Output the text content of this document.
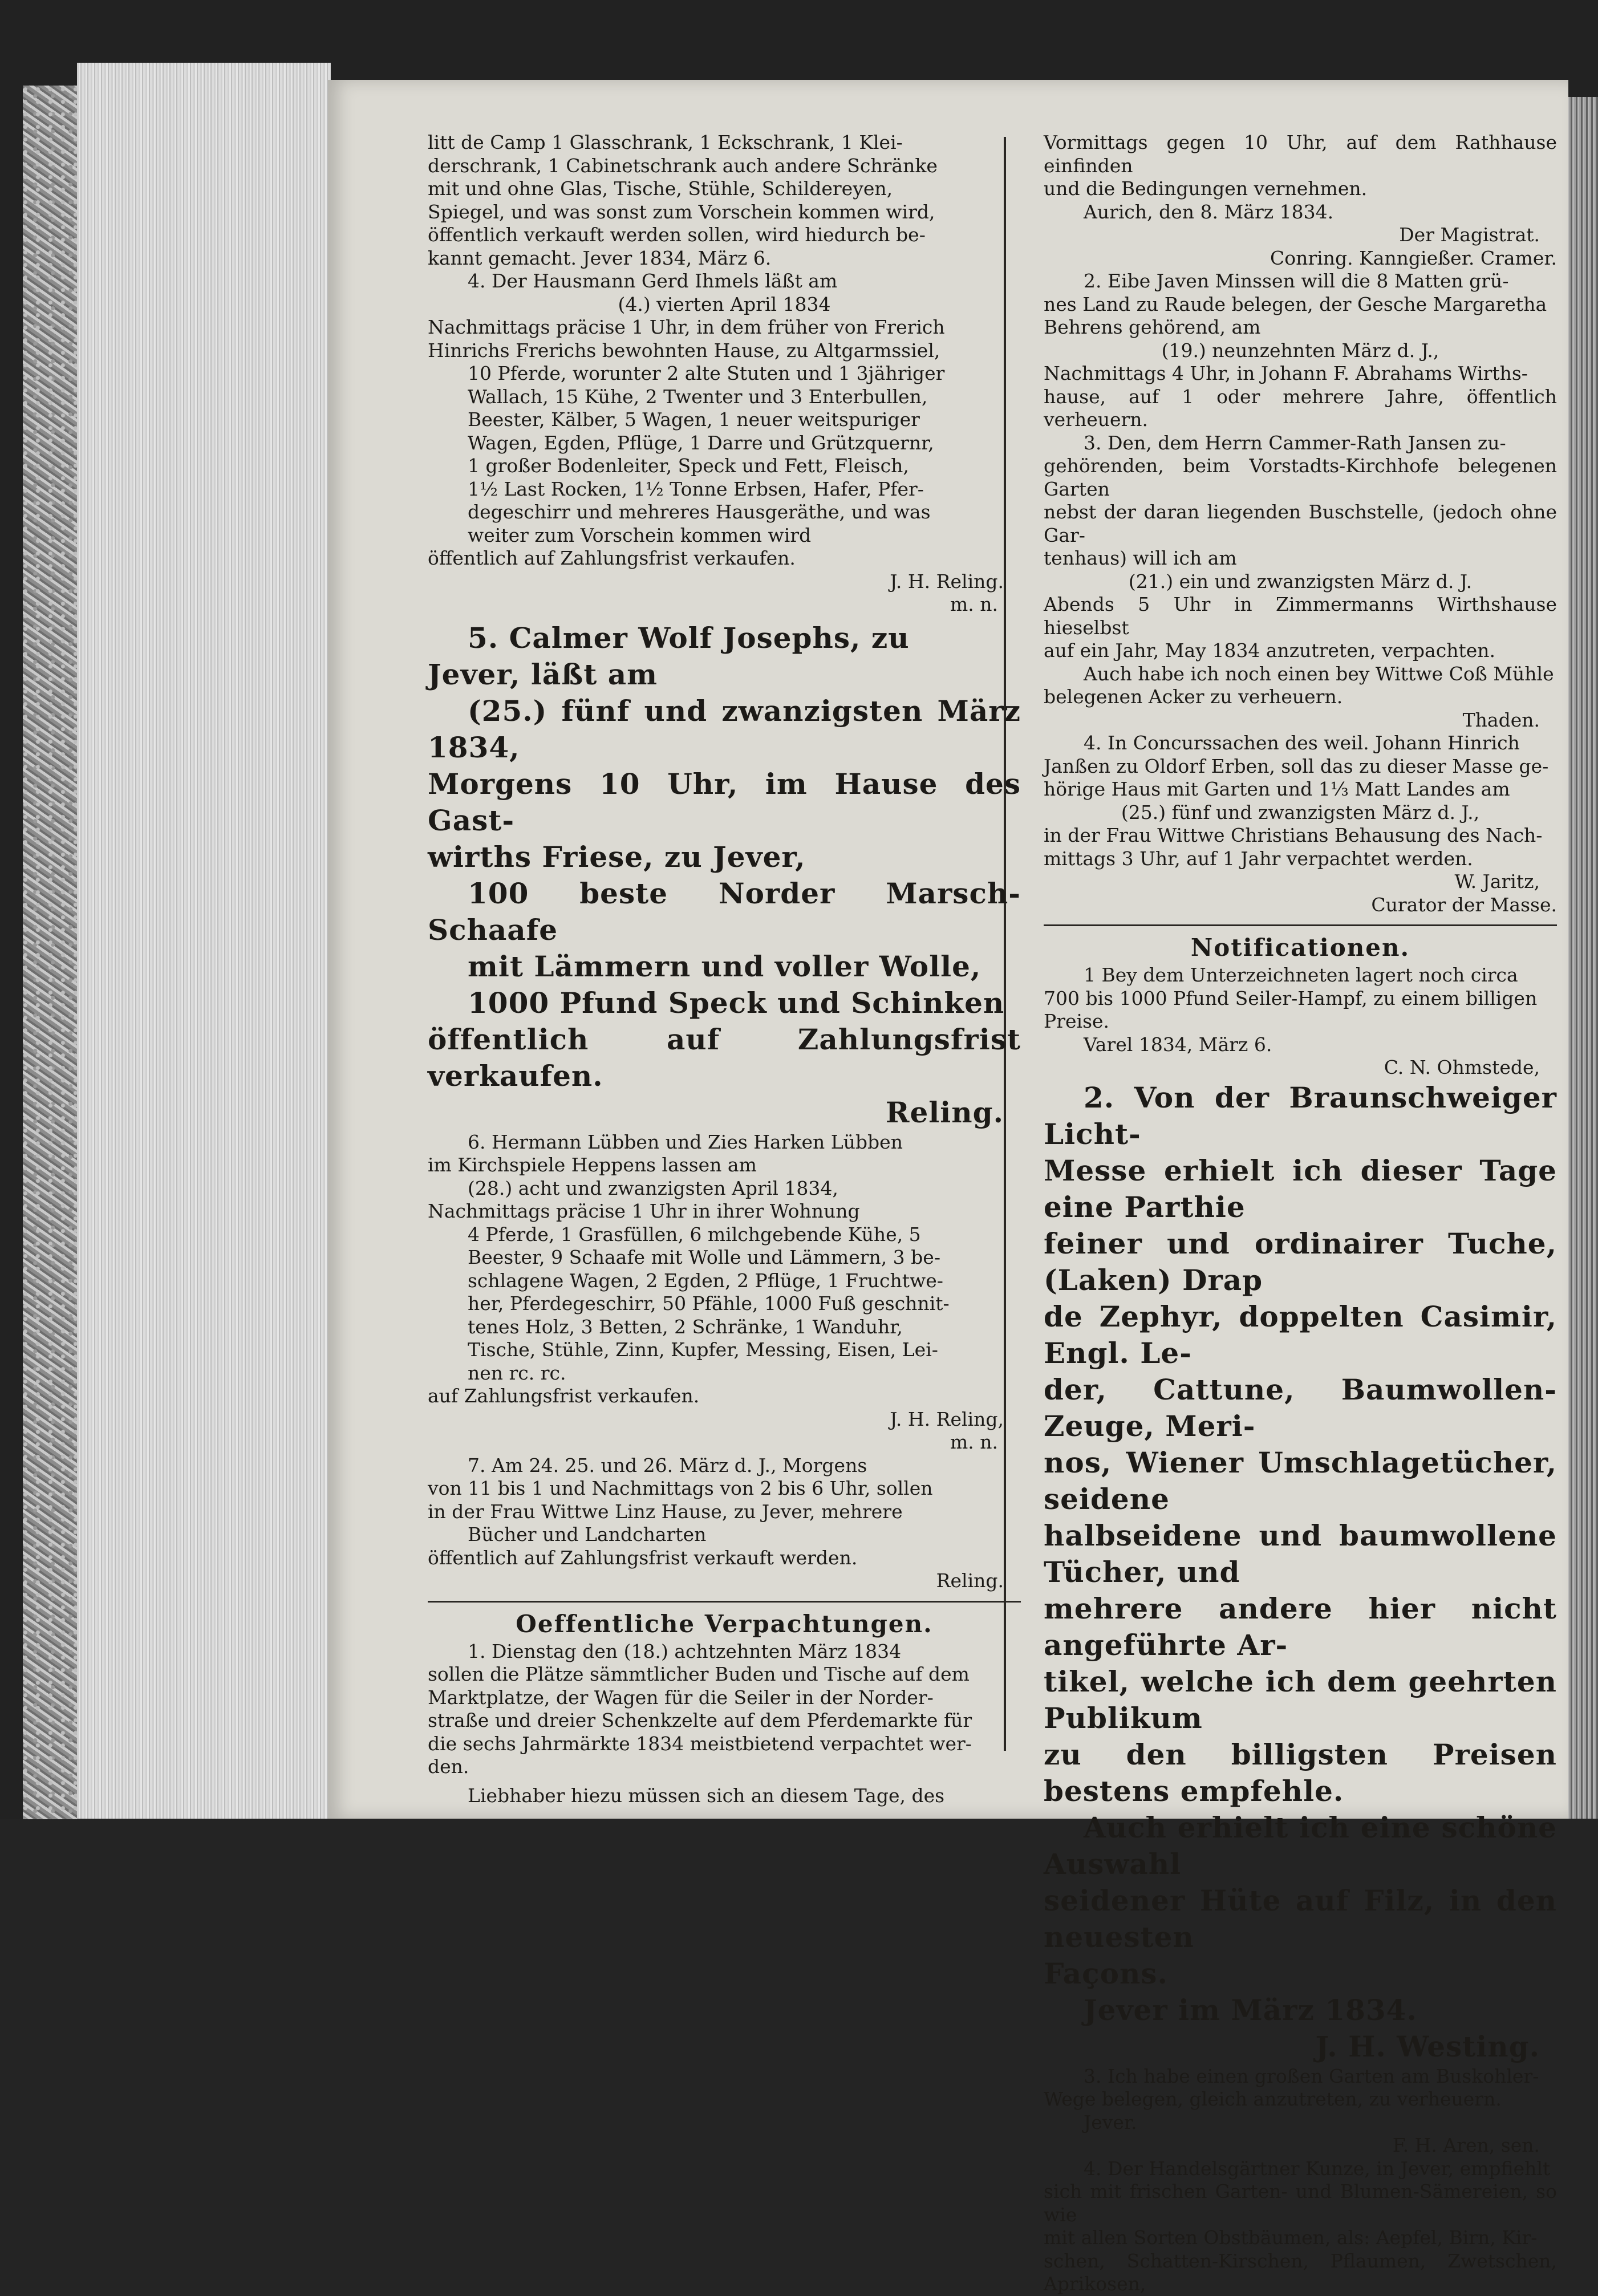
litt de Camp 1 Glasschrank, 1 Eckschrank, 1 Klei-

derschrank, 1 Cabinetschrank auch andere Schränke

mit und ohne Glas, Tische, Stühle, Schildereyen,

Spiegel, und was sonst zum Vorschein kommen wird,

öffentlich verkauft werden sollen, wird hiedurch be-

kannt gemacht. Jever 1834, März 6.

4. Der Hausmann Gerd Ihmels läßt am

(4.) vierten April 1834

Nachmittags präcise 1 Uhr, in dem früher von Frerich

Hinrichs Frerichs bewohnten Hause, zu Altgarmssiel,

10 Pferde, worunter 2 alte Stuten und 1 3jähriger

Wallach, 15 Kühe, 2 Twenter und 3 Enterbullen,

Beester, Kälber, 5 Wagen, 1 neuer weitspuriger

Wagen, Egden, Pflüge, 1 Darre und Grützquernr,

1 großer Bodenleiter, Speck und Fett, Fleisch,

1½ Last Rocken, 1½ Tonne Erbsen, Hafer, Pfer-

degeschirr und mehreres Hausgeräthe, und was

weiter zum Vorschein kommen wird

öffentlich auf Zahlungsfrist verkaufen.

J. H. Reling.

m. n.

5. Calmer Wolf Josephs, zu

Jever, läßt am

(25.) fünf und zwanzigsten März 1834,

Morgens 10 Uhr, im Hause des Gast-

wirths Friese, zu Jever,

100 beste Norder Marsch-Schaafe

mit Lämmern und voller Wolle,

1000 Pfund Speck und Schinken

öffentlich auf Zahlungsfrist verkaufen.

Reling.

6. Hermann Lübben und Zies Harken Lübben

im Kirchspiele Heppens lassen am

(28.) acht und zwanzigsten April 1834,

Nachmittags präcise 1 Uhr in ihrer Wohnung

4 Pferde, 1 Grasfüllen, 6 milchgebende Kühe, 5

Beester, 9 Schaafe mit Wolle und Lämmern, 3 be-

schlagene Wagen, 2 Egden, 2 Pflüge, 1 Fruchtwe-

her, Pferdegeschirr, 50 Pfähle, 1000 Fuß geschnit-

tenes Holz, 3 Betten, 2 Schränke, 1 Wanduhr,

Tische, Stühle, Zinn, Kupfer, Messing, Eisen, Lei-

nen rc. rc.

auf Zahlungsfrist verkaufen.

J. H. Reling,

m. n.

7. Am 24. 25. und 26. März d. J., Morgens

von 11 bis 1 und Nachmittags von 2 bis 6 Uhr, sollen

in der Frau Wittwe Linz Hause, zu Jever, mehrere

Bücher und Landcharten

öffentlich auf Zahlungsfrist verkauft werden.

Reling.

Oeffentliche Verpachtungen.

1. Dienstag den (18.) achtzehnten März 1834

sollen die Plätze sämmtlicher Buden und Tische auf dem

Marktplatze, der Wagen für die Seiler in der Norder-

straße und dreier Schenkzelte auf dem Pferdemarkte für

die sechs Jahrmärkte 1834 meistbietend verpachtet wer-

den.

Liebhaber hiezu müssen sich an diesem Tage, des

Vormittags gegen 10 Uhr, auf dem Rathhause einfinden

und die Bedingungen vernehmen.

Aurich, den 8. März 1834.

Der Magistrat.

Conring. Kanngießer. Cramer.

2. Eibe Javen Minssen will die 8 Matten grü-

nes Land zu Raude belegen, der Gesche Margaretha

Behrens gehörend, am

(19.) neunzehnten März d. J.,

Nachmittags 4 Uhr, in Johann F. Abrahams Wirths-

hause, auf 1 oder mehrere Jahre, öffentlich verheuern.

3. Den, dem Herrn Cammer-Rath Jansen zu-

gehörenden, beim Vorstadts-Kirchhofe belegenen Garten

nebst der daran liegenden Buschstelle, (jedoch ohne Gar-

tenhaus) will ich am

(21.) ein und zwanzigsten März d. J.

Abends 5 Uhr in Zimmermanns Wirthshause hieselbst

auf ein Jahr, May 1834 anzutreten, verpachten.

Auch habe ich noch einen bey Wittwe Coß Mühle

belegenen Acker zu verheuern.

Thaden.

4. In Concurssachen des weil. Johann Hinrich

Janßen zu Oldorf Erben, soll das zu dieser Masse ge-

hörige Haus mit Garten und 1⅓ Matt Landes am

(25.) fünf und zwanzigsten März d. J.,

in der Frau Wittwe Christians Behausung des Nach-

mittags 3 Uhr, auf 1 Jahr verpachtet werden.

W. Jaritz,

Curator der Masse.

Notificationen.

1 Bey dem Unterzeichneten lagert noch circa

700 bis 1000 Pfund Seiler-Hampf, zu einem billigen

Preise.

Varel 1834, März 6.

C. N. Ohmstede,

2. Von der Braunschweiger Licht-

Messe erhielt ich dieser Tage eine Parthie

feiner und ordinairer Tuche, (Laken) Drap

de Zephyr, doppelten Casimir, Engl. Le-

der, Cattune, Baumwollen-Zeuge, Meri-

nos, Wiener Umschlagetücher, seidene

halbseidene und baumwollene Tücher, und

mehrere andere hier nicht angeführte Ar-

tikel, welche ich dem geehrten Publikum

zu den billigsten Preisen bestens empfehle.

Auch erhielt ich eine schöne Auswahl

seidener Hüte auf Filz, in den neuesten

Façons.

Jever im März 1834.

J. H. Westing.

3. Ich habe einen großen Garten am Buskohler-

Wege belegen, gleich anzutreten, zu verheuern.

Jever.

F. H. Aren, sen.

4. Der Handelsgärtner Kunze, in Jever, empfiehlt

sich mit frischen Garten- und Blumen-Sämereien, so wie

mit allen Sorten Obstbäumen, als: Aepfel, Birn, Kir-

schen, Schatten-Kirschen, Pflaumen, Zwetschen, Aprikosen,
